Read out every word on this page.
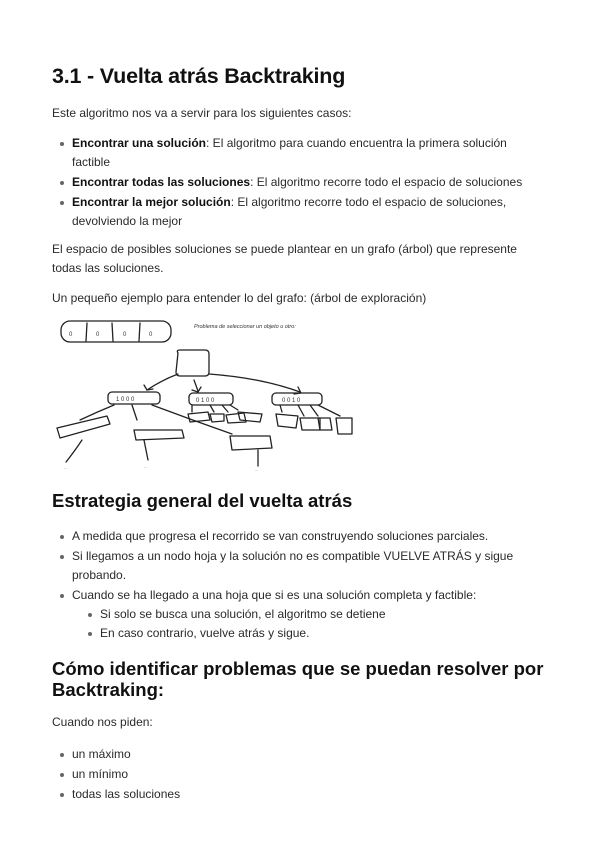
3.1 - Vuelta atrás Backtraking

Este algoritmo nos va a servir para los siguientes casos:

Encontrar una solución: El algoritmo para cuando encuentra la primera solución factible
Encontrar todas las soluciones: El algoritmo recorre todo el espacio de soluciones
Encontrar la mejor solución: El algoritmo recorre todo el espacio de soluciones, devolviendo la mejor

El espacio de posibles soluciones se puede plantear en un grafo (árbol) que represente todas las soluciones.

Un pequeño ejemplo para entender lo del grafo: (árbol de exploración)

0	0	0	0
Problema de seleccionar un objeto u otro:
1 0 0 0	0 1 0 0	0 0 1 0
...	...
...
Estrategia general del vuelta atrás
A medida que progresa el recorrido se van construyendo soluciones parciales.
Si llegamos a un nodo hoja y la solución no es compatible VUELVE ATRÁS y sigue probando.
Cuando se ha llegado a una hoja que si es una solución completa y factible:
Si solo se busca una solución, el algoritmo se detiene
En caso contrario, vuelve atrás y sigue.
Cómo identificar problemas que se puedan resolver por Backtraking:

Cuando nos piden:

un máximo
un mínimo
todas las soluciones
